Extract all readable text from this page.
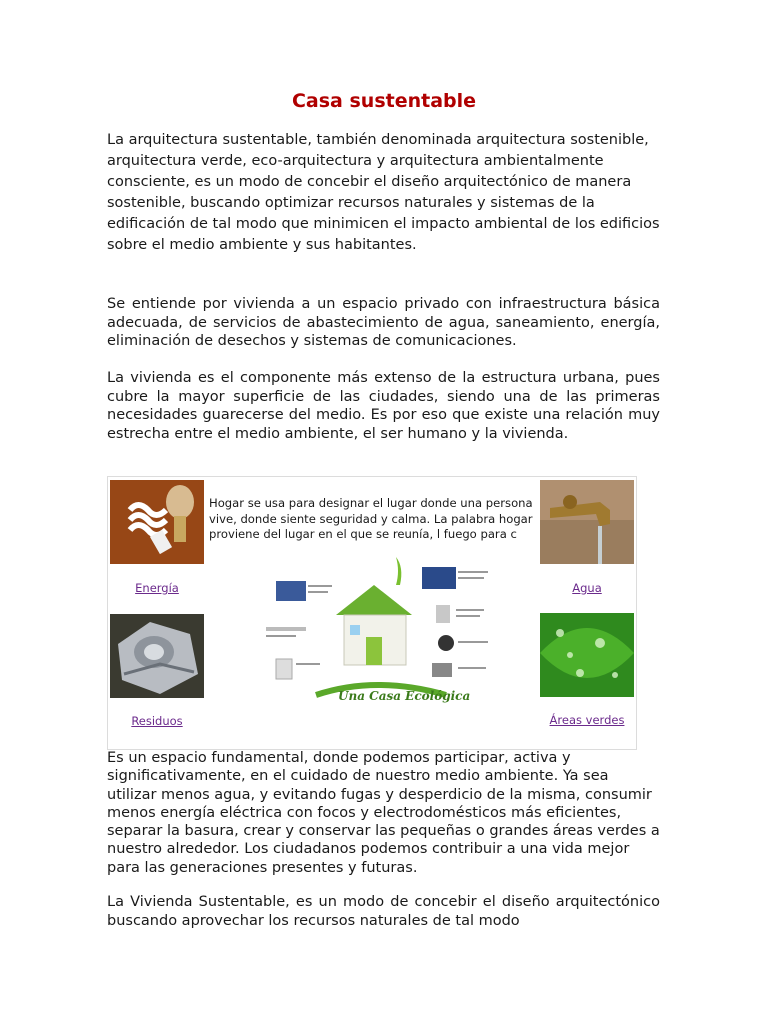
Casa sustentable

La arquitectura sustentable, también denominada arquitectura sostenible, arquitectura verde, eco-arquitectura y arquitectura ambientalmente consciente, es un modo de concebir el diseño arquitectónico de manera sostenible, buscando optimizar recursos naturales y sistemas de la edificación de tal modo que minimicen el impacto ambiental de los edificios sobre el medio ambiente y sus habitantes.

Se entiende por vivienda a un espacio privado con infraestructura básica adecuada, de servicios de abastecimiento de agua, saneamiento, energía, eliminación de desechos y sistemas de comunicaciones.

La vivienda es el componente más extenso de la estructura urbana, pues cubre la mayor superficie de las ciudades, siendo una de las primeras necesidades guarecerse del medio. Es por eso que existe una relación muy estrecha entre el medio ambiente, el ser humano y la vivienda.

Energía
Residuos
Agua
Áreas verdes

Hogar se usa para designar el lugar donde una persona vive, donde siente seguridad y calma. La palabra hogar proviene del lugar en el que se reunía, l fuego para c

Una Casa Ecológica

Es un espacio fundamental, donde podemos participar, activa y significativamente, en el cuidado de nuestro medio ambiente. Ya sea utilizar menos agua, y evitando fugas y desperdicio de la misma, consumir menos energía eléctrica con focos y electrodomésticos más eficientes, separar la basura, crear y conservar las pequeñas o grandes áreas verdes a nuestro alrededor. Los ciudadanos podemos contribuir a una vida mejor para las generaciones presentes y futuras.

La Vivienda Sustentable, es un modo de concebir el diseño arquitectónico buscando aprovechar los recursos naturales de tal modo
